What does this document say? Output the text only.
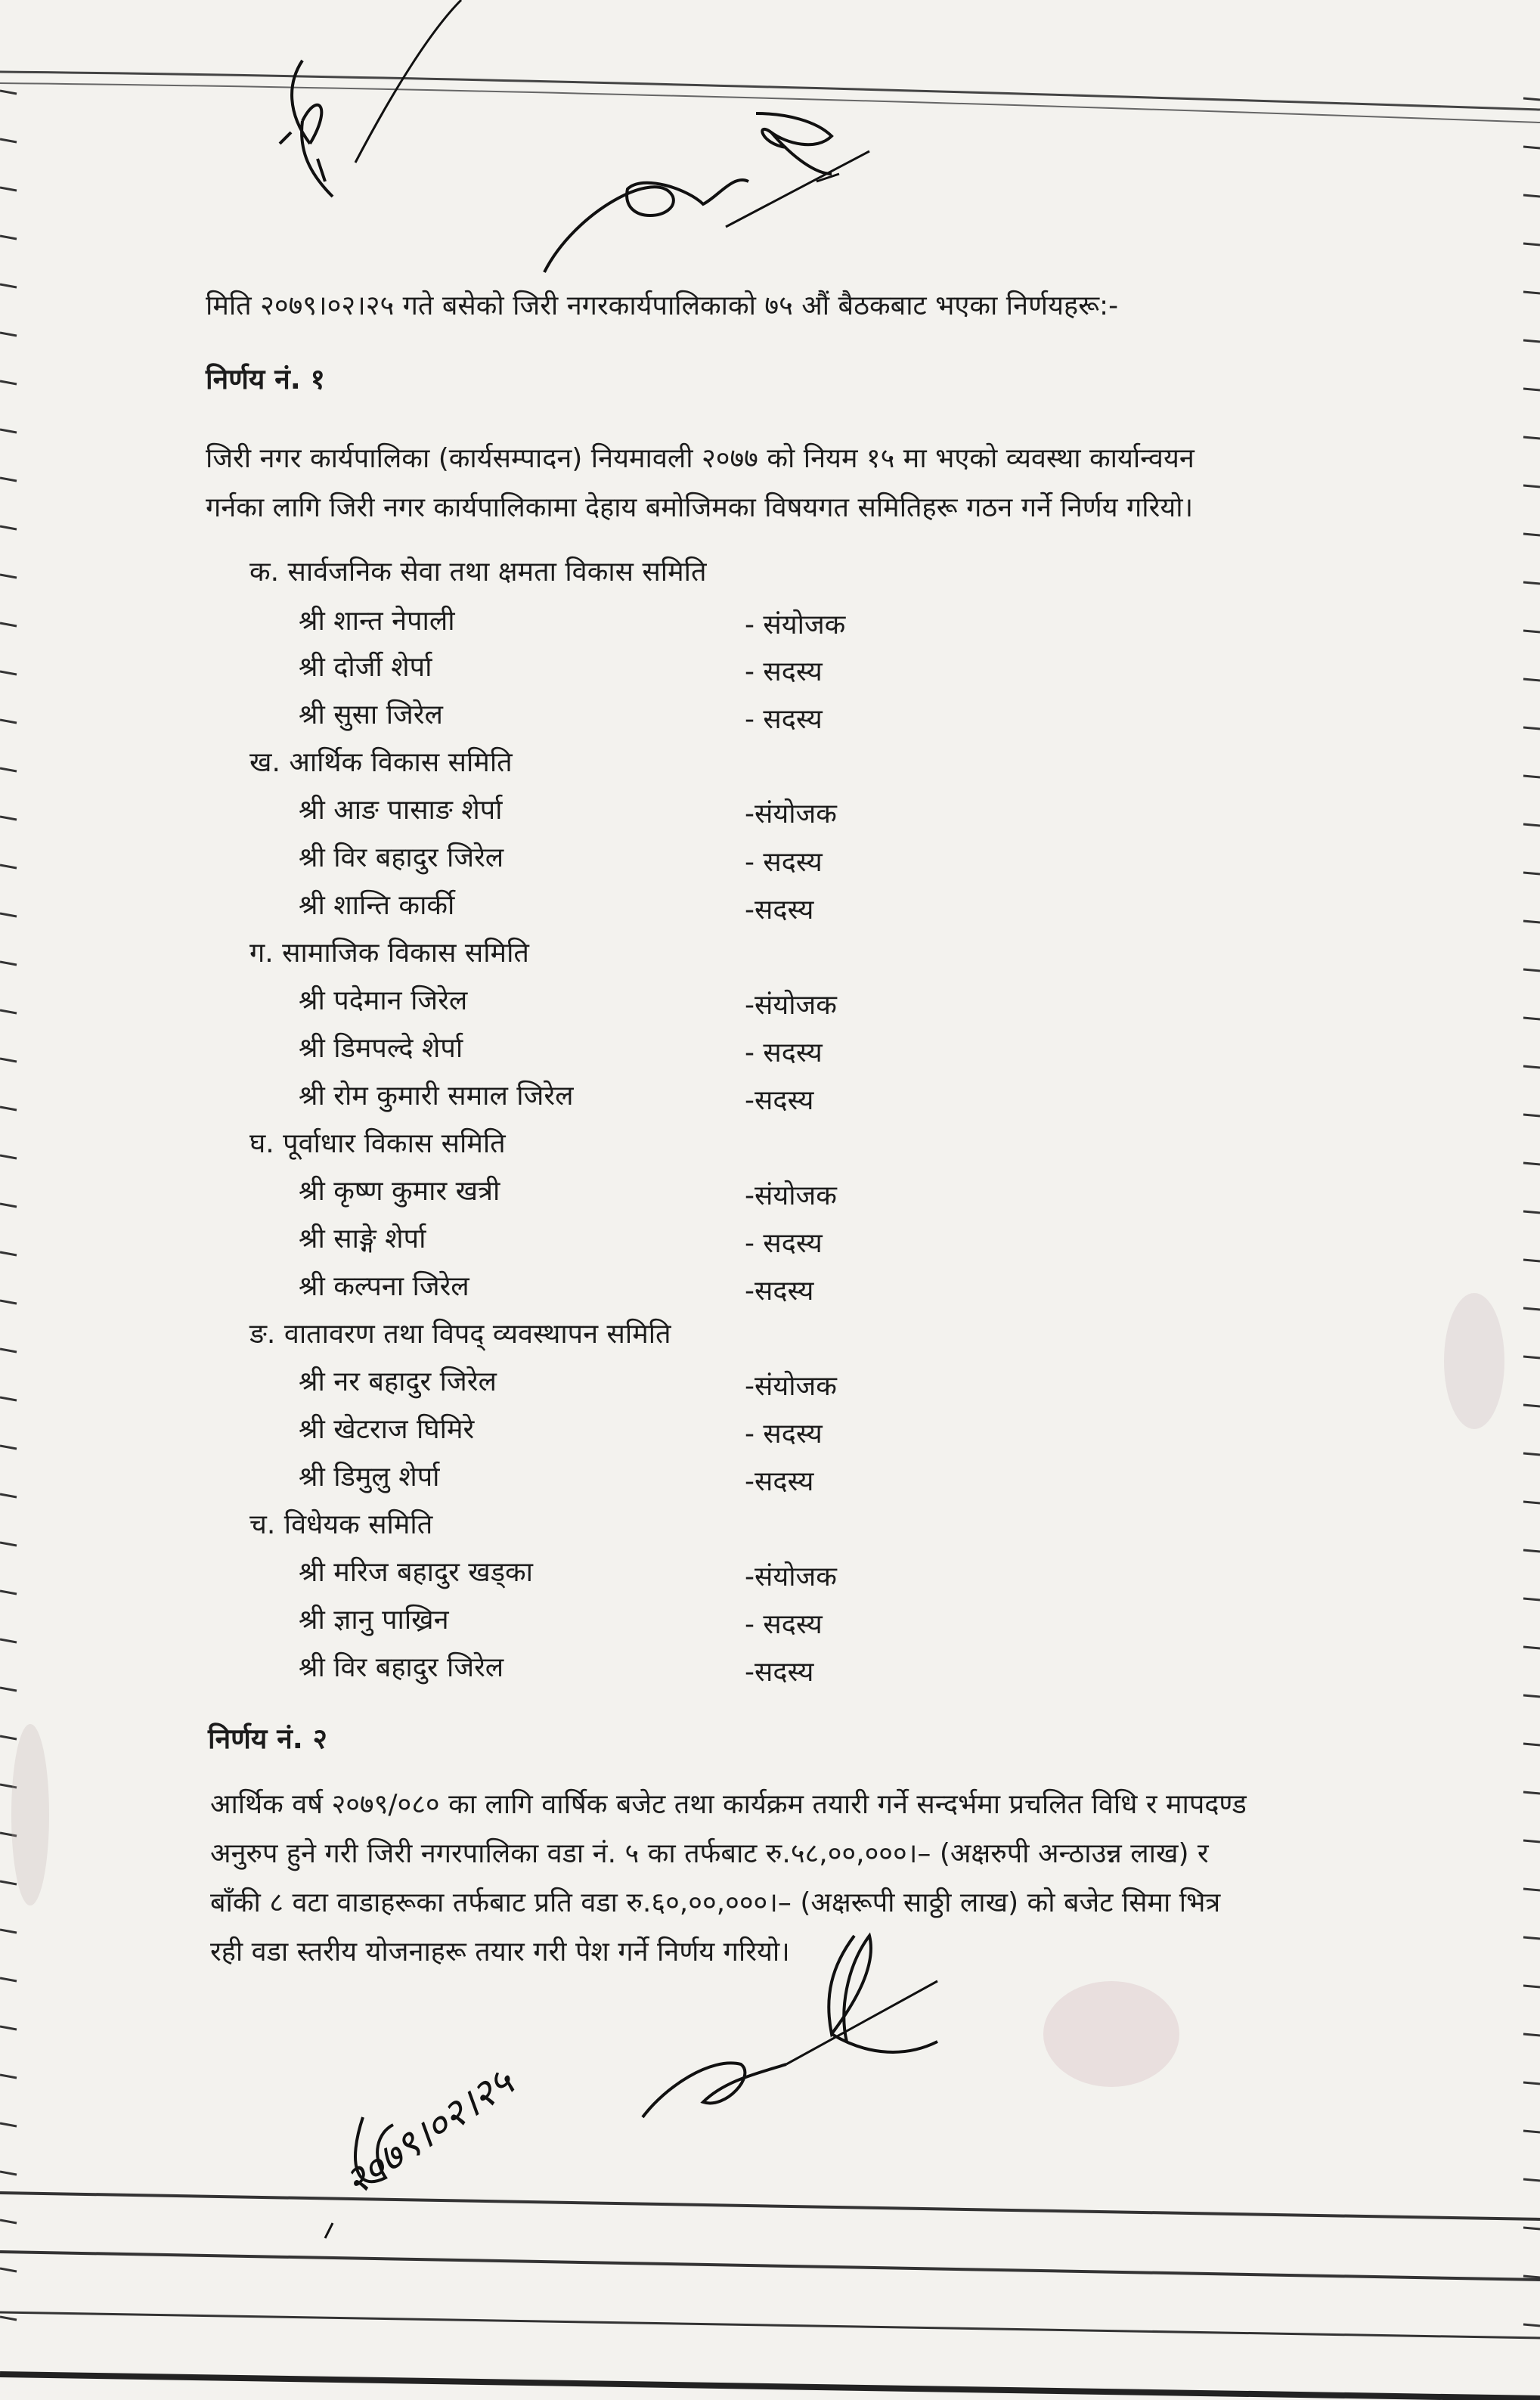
२०७९।०२।२५
मिति २०७९।०२।२५ गते बसेको जिरी नगरकार्यपालिकाको ७५ औं बैठकबाट भएका निर्णयहरू:-
निर्णय नं. १
जिरी नगर कार्यपालिका (कार्यसम्पादन) नियमावली २०७७ को नियम १५ मा भएको व्यवस्था कार्यान्वयन
गर्नका लागि जिरी नगर कार्यपालिकामा देहाय बमोजिमका विषयगत समितिहरू गठन गर्ने निर्णय गरियो।
क. सार्वजनिक सेवा तथा क्षमता विकास समिति
श्री शान्त नेपाली	- संयोजक
श्री दोर्जी शेर्पा	- सदस्य
श्री सुसा जिरेल	- सदस्य
ख. आर्थिक विकास समिति
श्री आङ पासाङ शेर्पा	-संयोजक
श्री विर बहादुर जिरेल	- सदस्य
श्री शान्ति कार्की	-सदस्य
ग. सामाजिक विकास समिति
श्री पदेमान जिरेल	-संयोजक
श्री डिमपल्दे शेर्पा	- सदस्य
श्री रोम कुमारी समाल जिरेल	-सदस्य
घ. पूर्वाधार विकास समिति
श्री कृष्ण कुमार खत्री	-संयोजक
श्री साङ्गे शेर्पा	- सदस्य
श्री कल्पना जिरेल	-सदस्य
ङ. वातावरण तथा विपद् व्यवस्थापन समिति
श्री नर बहादुर जिरेल	-संयोजक
श्री खेटराज घिमिरे	- सदस्य
श्री डिमुलु शेर्पा	-सदस्य
च. विधेयक समिति
श्री मरिज बहादुर खड्का	-संयोजक
श्री ज्ञानु पाख्रिन	- सदस्य
श्री विर बहादुर जिरेल	-सदस्य
निर्णय नं. २
आर्थिक वर्ष २०७९/०८० का लागि वार्षिक बजेट तथा कार्यक्रम तयारी गर्ने सन्दर्भमा प्रचलित विधि र मापदण्ड
अनुरुप हुने गरी जिरी नगरपालिका वडा नं. ५ का तर्फबाट रु.५८,००,०००।– (अक्षरुपी अन्ठाउन्न लाख) र
बाँकी ८ वटा वाडाहरूका तर्फबाट प्रति वडा रु.६०,००,०००।– (अक्षरूपी साठ्ठी लाख) को बजेट सिमा भित्र
रही वडा स्तरीय योजनाहरू तयार गरी पेश गर्ने निर्णय गरियो।
